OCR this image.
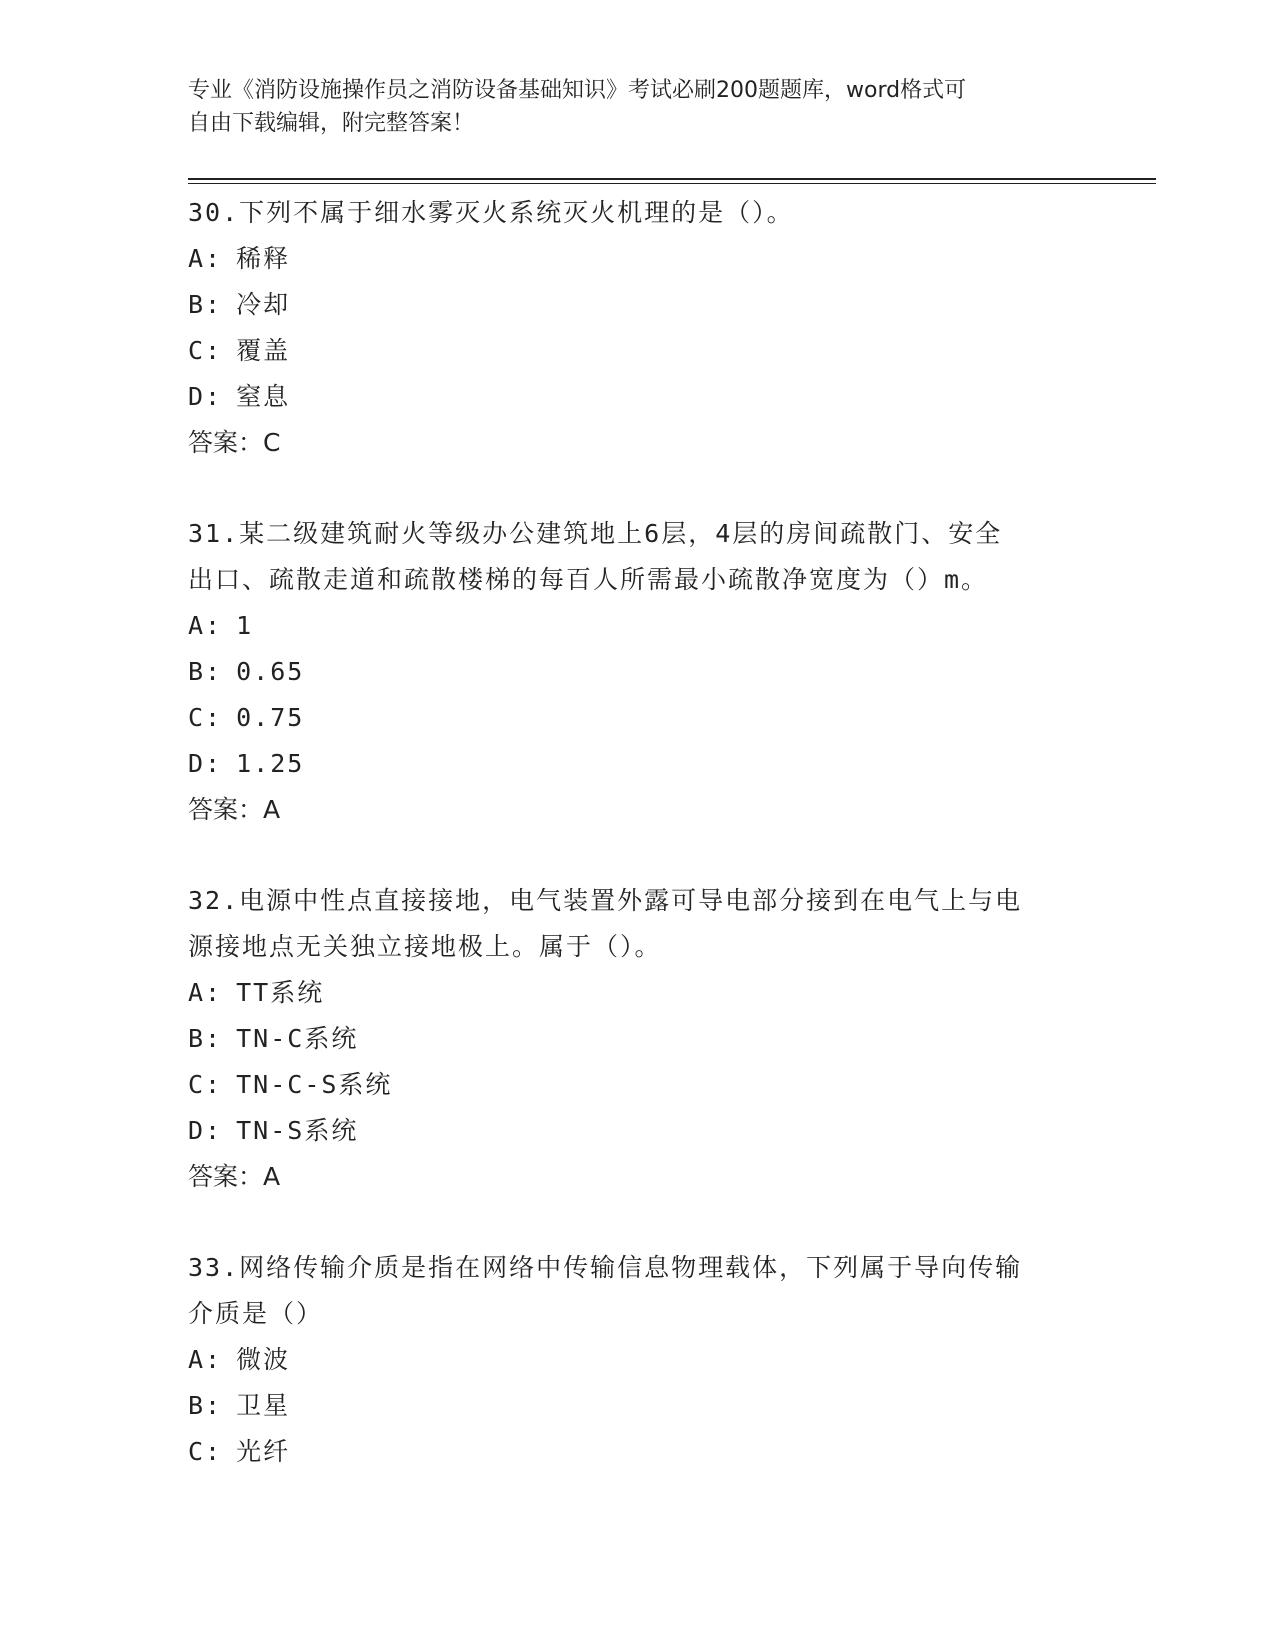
专业《消防设施操作员之消防设备基础知识》考试必刷200题题库，word格式可
自由下载编辑，附完整答案！

30.下列不属于细水雾灭火系统灭火机理的是（）。

A: 稀释
B: 冷却
C: 覆盖
D: 窒息

答案：C

31.某二级建筑耐火等级办公建筑地上6层，4层的房间疏散门、安全

出口、疏散走道和疏散楼梯的每百人所需最小疏散净宽度为（）m。

A: 1
B: 0.65
C: 0.75
D: 1.25

答案：A

32.电源中性点直接接地，电气装置外露可导电部分接到在电气上与电

源接地点无关独立接地极上。属于（）。

A: TT系统
B: TN-C系统
C: TN-C-S系统
D: TN-S系统

答案：A

33.网络传输介质是指在网络中传输信息物理载体，下列属于导向传输

介质是（）

A: 微波
B: 卫星
C: 光纤
